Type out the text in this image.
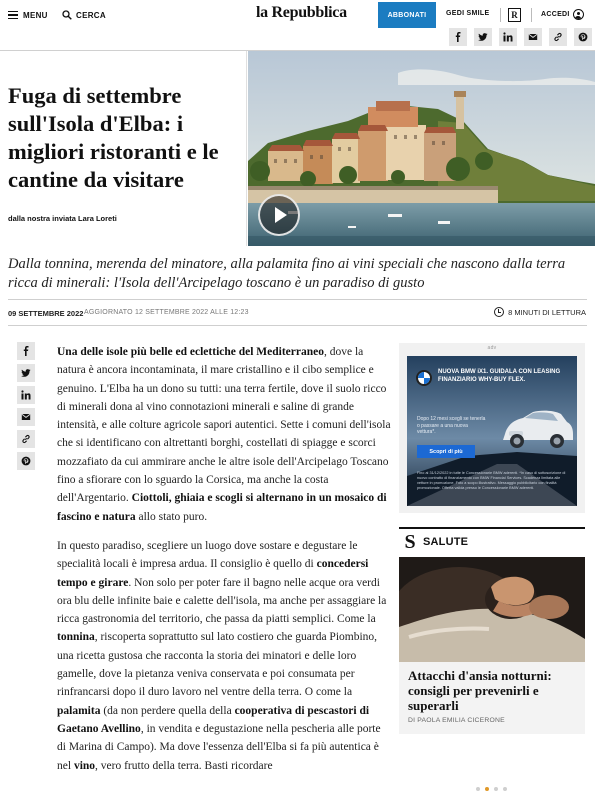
MENU	CERCA	la Repubblica	ABBONATI	GEDI SMILE	R	ACCEDI
Fuga di settembre sull'Isola d'Elba: i migliori ristoranti e le cantine da visitare
dalla nostra inviata Lara Loreti
Dalla tonnina, merenda del minatore, alla palamita fino ai vini speciali che nascono dalla terra ricca di minerali: l'Isola dell'Arcipelago toscano è un paradiso di gusto
09 SETTEMBRE 2022 AGGIORNATO 12 SETTEMBRE 2022 ALLE 12:23	8 MINUTI DI LETTURA

Una delle isole più belle ed eclettiche del Mediterraneo, dove la natura è ancora incontaminata, il mare cristallino e il cibo semplice e genuino. L'Elba ha un dono su tutti: una terra fertile, dove il suolo ricco di minerali dona al vino connotazioni minerali e saline di grande intensità, e alle colture agricole sapori autentici. Sette i comuni dell'isola che si identificano con altrettanti borghi, costellati di spiagge e scorci mozzafiato da cui ammirare anche le altre isole dell'Arcipelago Toscano fino a sfiorare con lo sguardo la Corsica, ma anche la costa dell'Argentario. Ciottoli, ghiaia e scogli si alternano in un mosaico di fascino e natura allo stato puro.

In questo paradiso, scegliere un luogo dove sostare e degustare le specialità locali è impresa ardua. Il consiglio è quello di concedersi tempo e girare. Non solo per poter fare il bagno nelle acque ora verdi ora blu delle infinite baie e calette dell'isola, ma anche per assaggiare la ricca gastronomia del territorio, che passa da piatti semplici. Come la tonnina, riscoperta soprattutto sul lato costiero che guarda Piombino, una ricetta gustosa che racconta la storia dei minatori e delle loro gamelle, dove la pietanza veniva conservata e poi consumata per rinfrancarsi dopo il duro lavoro nel ventre della terra. O come la palamita (da non perdere quella della cooperativa di pescastori di Gaetano Avellino, in vendita e degustazione nella pescheria alle porte di Marina di Campo). Ma dove l'essenza dell'Elba si fa più autentica è nel vino, vero frutto della terra. Basti ricordare

adv
NUOVA BMW iX1. GUIDALA CON LEASING FINANZIARIO WHY-BUY FLEX.
Dopo 12 mesi scegli se tenerla o passare a una nuova vettura*.
Scopri di più
Fino al 31/12/2022 in tutte le Concessionarie BMW aderenti. *In caso di sottoscrizione di nuovo contratto di finanziamento con BMW Financial Services. Scadenza limitata alle vetture in promozione. Foto a scopo illustrativo. Messaggio pubblicitario con finalità promozionale. Offerta valida presso le Concessionarie BMW aderenti.
S SALUTE
Attacchi d'ansia notturni: consigli per prevenirli e superarli
DI PAOLA EMILIA CICERONE
